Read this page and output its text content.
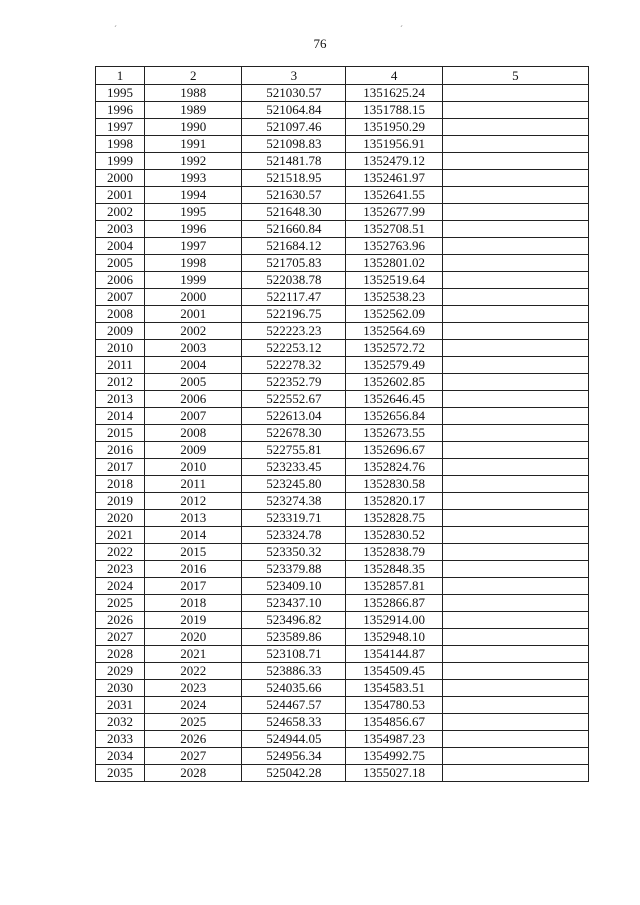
ˊ	ˊ
76
1	2	3	4	5
1995	1988	521030.57	1351625.24	
1996	1989	521064.84	1351788.15	
1997	1990	521097.46	1351950.29	
1998	1991	521098.83	1351956.91	
1999	1992	521481.78	1352479.12	
2000	1993	521518.95	1352461.97	
2001	1994	521630.57	1352641.55	
2002	1995	521648.30	1352677.99	
2003	1996	521660.84	1352708.51	
2004	1997	521684.12	1352763.96	
2005	1998	521705.83	1352801.02	
2006	1999	522038.78	1352519.64	
2007	2000	522117.47	1352538.23	
2008	2001	522196.75	1352562.09	
2009	2002	522223.23	1352564.69	
2010	2003	522253.12	1352572.72	
2011	2004	522278.32	1352579.49	
2012	2005	522352.79	1352602.85	
2013	2006	522552.67	1352646.45	
2014	2007	522613.04	1352656.84	
2015	2008	522678.30	1352673.55	
2016	2009	522755.81	1352696.67	
2017	2010	523233.45	1352824.76	
2018	2011	523245.80	1352830.58	
2019	2012	523274.38	1352820.17	
2020	2013	523319.71	1352828.75	
2021	2014	523324.78	1352830.52	
2022	2015	523350.32	1352838.79	
2023	2016	523379.88	1352848.35	
2024	2017	523409.10	1352857.81	
2025	2018	523437.10	1352866.87	
2026	2019	523496.82	1352914.00	
2027	2020	523589.86	1352948.10	
2028	2021	523108.71	1354144.87	
2029	2022	523886.33	1354509.45	
2030	2023	524035.66	1354583.51	
2031	2024	524467.57	1354780.53	
2032	2025	524658.33	1354856.67	
2033	2026	524944.05	1354987.23	
2034	2027	524956.34	1354992.75	
2035	2028	525042.28	1355027.18	
